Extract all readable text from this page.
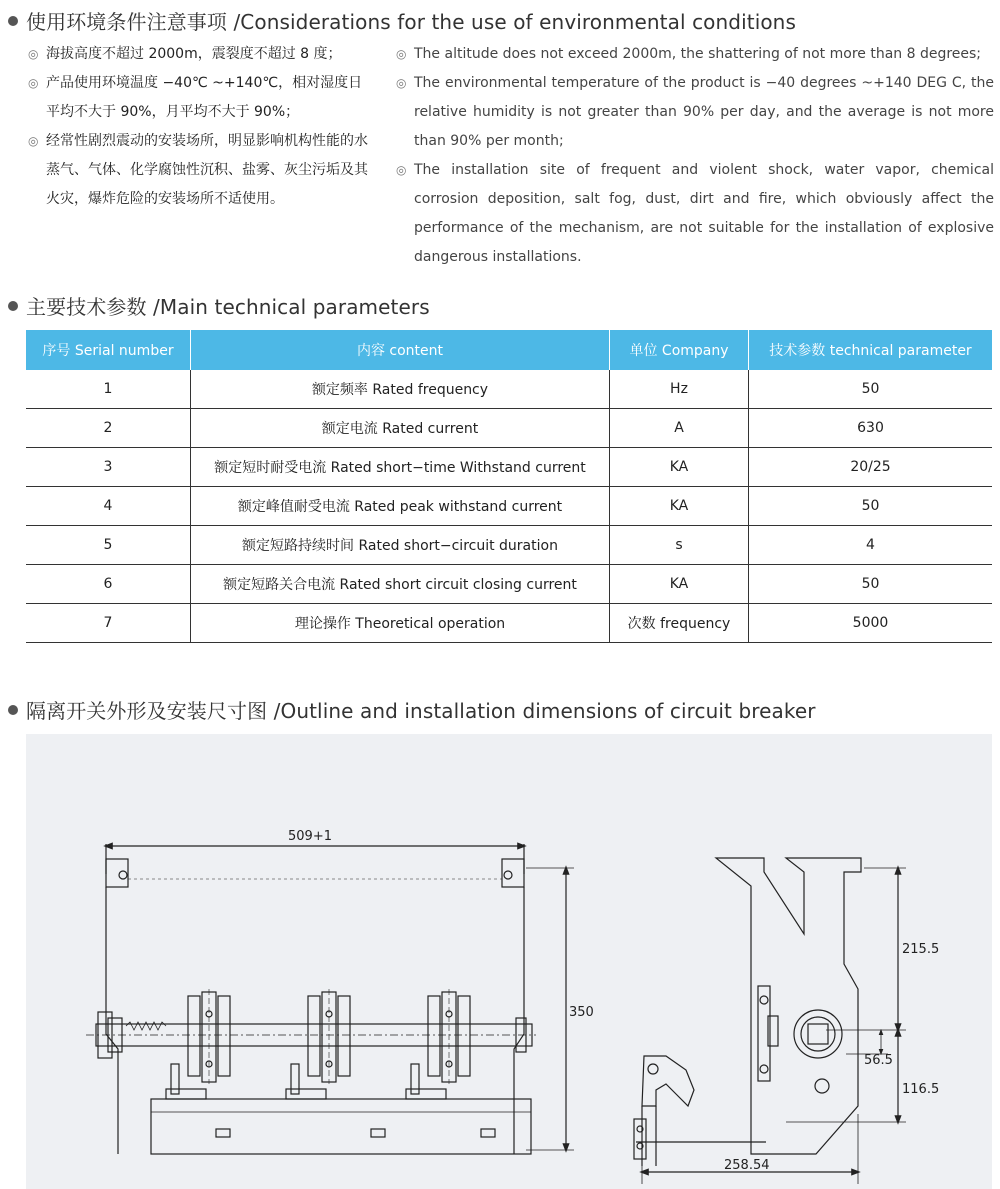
使用环境条件注意事项 /Considerations for the use of environmental conditions
◎ 海拔高度不超过 2000m，震裂度不超过 8 度；
◎ 产品使用环境温度 −40℃ ~+140℃，相对湿度日平均不大于 90%，月平均不大于 90%；
◎ 经常性剧烈震动的安装场所，明显影响机构性能的水蒸气、气体、化学腐蚀性沉积、盐雾、灰尘污垢及其火灾，爆炸危险的安装场所不适使用。
◎ The altitude does not exceed 2000m, the shattering of not more than 8 degrees;
◎ The environmental temperature of the product is −40 degrees ~+140 DEG C, the relative humidity is not greater than 90% per day, and the average is not more than 90% per month;
◎ The installation site of frequent and violent shock, water vapor, chemical corrosion deposition, salt fog, dust, dirt and fire, which obviously affect the performance of the mechanism, are not suitable for the installation of explosive dangerous installations.
主要技术参数 /Main technical parameters
序号 Serial number	内容 content	单位 Company	技术参数 technical parameter
1	额定频率 Rated frequency	Hz	50
2	额定电流 Rated current	A	630
3	额定短时耐受电流 Rated short−time Withstand current	KA	20/25
4	额定峰值耐受电流 Rated peak withstand current	KA	50
5	额定短路持续时间 Rated short−circuit duration	s	4
6	额定短路关合电流 Rated short circuit closing current	KA	50
7	理论操作 Theoretical operation	次数 frequency	5000
隔离开关外形及安装尺寸图 /Outline and installation dimensions of circuit breaker
509+1
350
215.5
56.5
116.5
258.54
